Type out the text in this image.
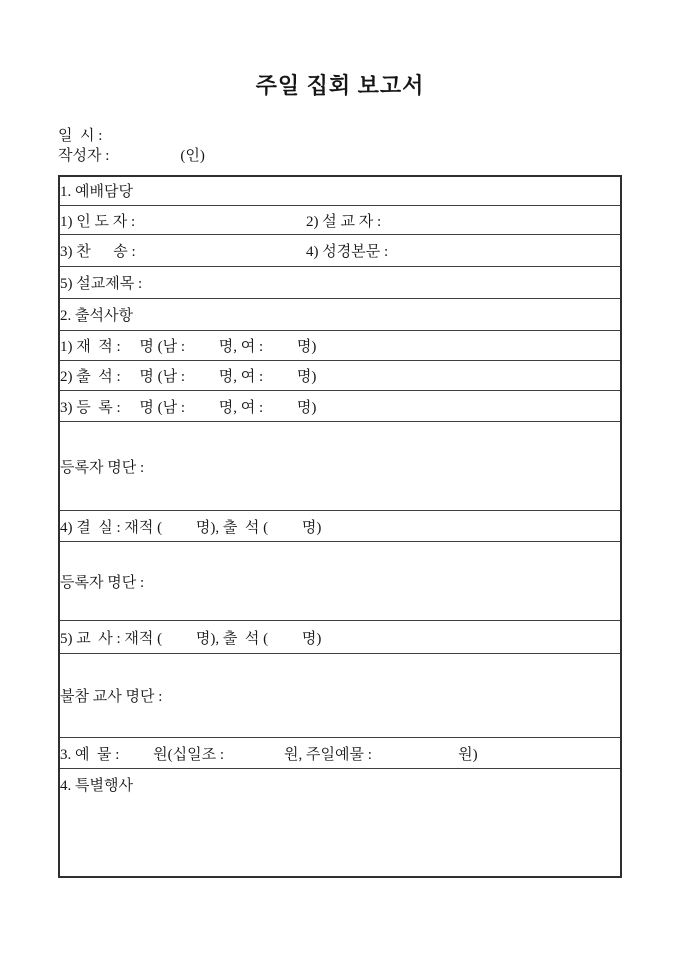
주일 집회 보고서
일  시 :
작성자 :	(인)
1. 예배담당
1) 인 도 자 :	2) 설 교 자 :
3) 찬      송 :	4) 성경본문 :
5) 설교제목 :
2. 출석사항
1) 재  적 :     명 (남 :         명, 여 :         명)
2) 출  석 :     명 (남 :         명, 여 :         명)
3) 등  록 :     명 (남 :         명, 여 :         명)
등록자 명단 :
4) 결  실 : 재적 (         명), 출  석 (         명)
등록자 명단 :
5) 교  사 : 재적 (         명), 출  석 (         명)
불참 교사 명단 :
3. 예  물 :         원(십일조 :                원, 주일예물 :                       원)
4. 특별행사
